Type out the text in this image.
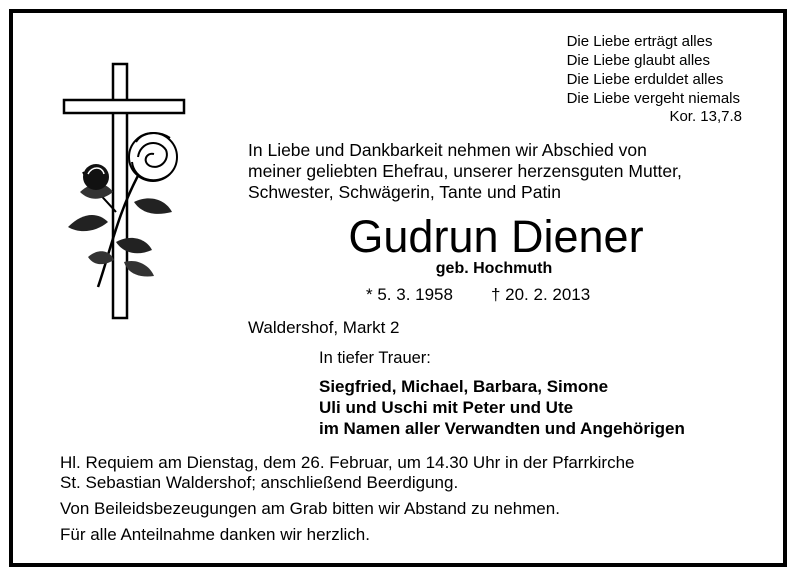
Die Liebe erträgt alles
Die Liebe glaubt alles
Die Liebe erduldet alles
Die Liebe vergeht niemals
Kor. 13,7.8
In Liebe und Dankbarkeit nehmen wir Abschied von
meiner geliebten Ehefrau, unserer herzensguten Mutter,
Schwester, Schwägerin, Tante und Patin
Gudrun Diener
geb. Hochmuth
* 5. 3. 1958 † 20. 2. 2013
Waldershof, Markt 2
In tiefer Trauer:
Siegfried, Michael, Barbara, Simone
Uli und Uschi mit Peter und Ute
im Namen aller Verwandten und Angehörigen

Hl. Requiem am Dienstag, dem 26. Februar, um 14.30 Uhr in der Pfarrkirche
St. Sebastian Waldershof; anschließend Beerdigung.

Von Beileidsbezeugungen am Grab bitten wir Abstand zu nehmen.

Für alle Anteilnahme danken wir herzlich.
